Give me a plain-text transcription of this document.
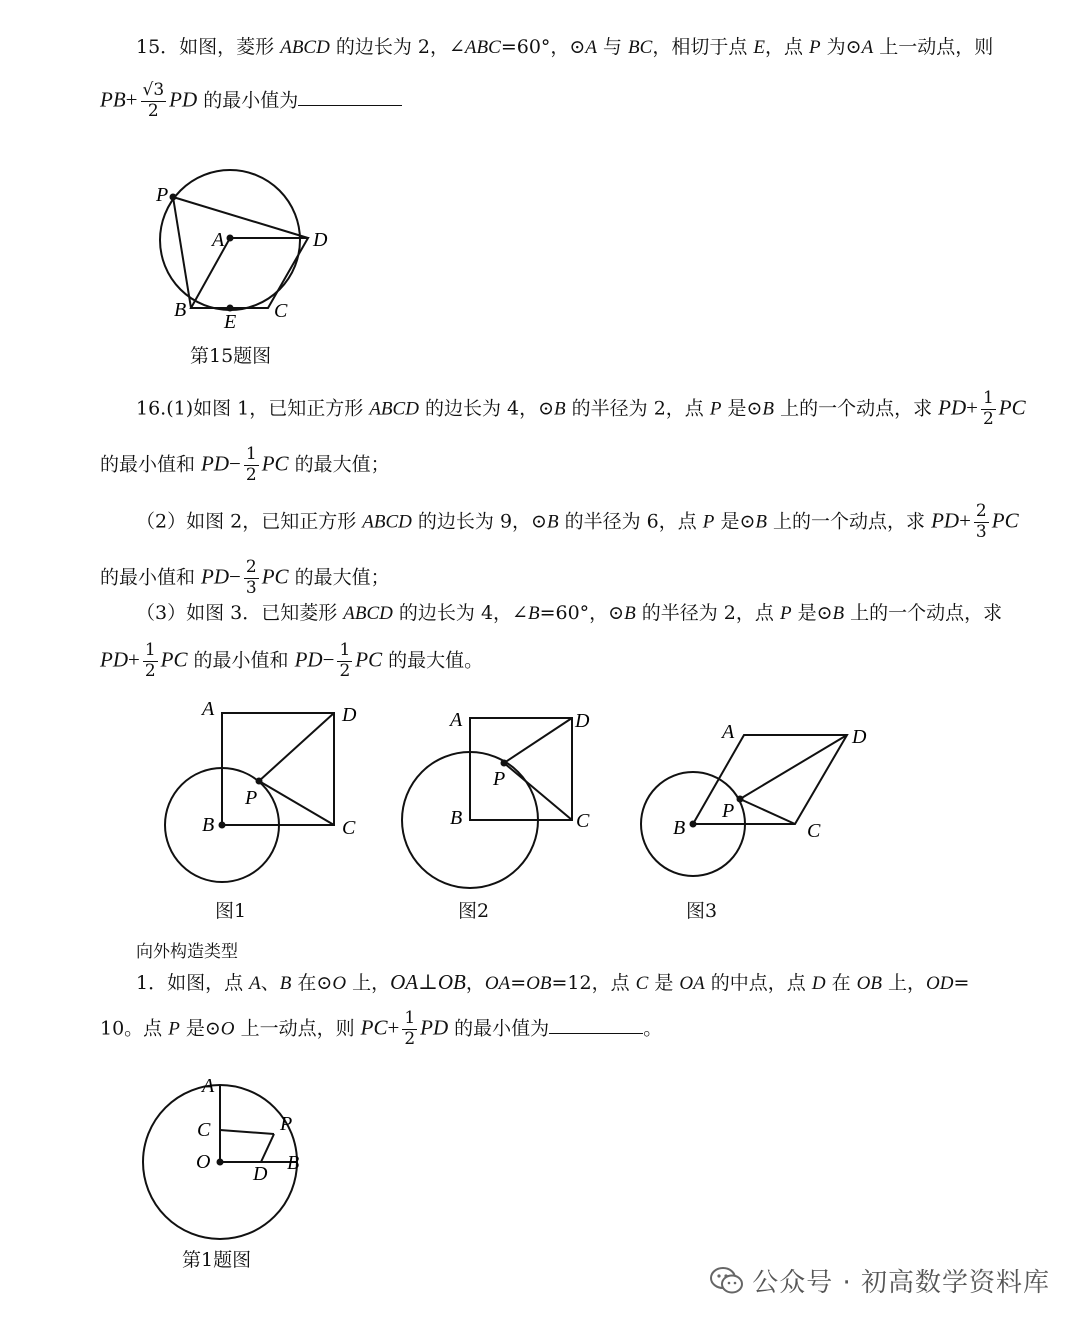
15．如图，菱形 ABCD 的边长为 2，∠ABC=60°，⊙A 与 BC，相切于点 E，点 P 为⊙A 上一动点，则
$PB+ \frac{√3}{2}$ PD 的最小值为
P
A	D
B
E C
第15题图
16.(1)如图 1，已知正方形 ABCD 的边长为 4，⊙B 的半径为 2，点 P 是⊙B 上的一个动点，求 $PD+ \frac{1}{2}$ PC
的最小值和 $PD- \frac{1}{2}$ PC 的最大值；
（2）如图 2，已知正方形 ABCD 的边长为 9，⊙B 的半径为 6，点 P 是⊙B 上的一个动点，求 $PD+ \frac{2}{3}$ PC
的最小值和 $PD- \frac{2}{3}$ PC 的最大值；
（3）如图 3．已知菱形 ABCD 的边长为 4，∠B=60°，⊙B 的半径为 2，点 P 是⊙B 上的一个动点，求
$PD+ \frac{1}{2}$ PC 的最小值和 $PD- \frac{1}{2}$ PC 的最大值。
A	D
P
B	C
图1
A	D
P
B	C
图2
A	D
P
B	C
图3
向外构造类型
1．如图，点 A、B 在⊙O 上，OA⊥OB，OA=OB=12，点 C 是 OA 的中点，点 D 在 OB 上，OD=
10。点 P 是⊙O 上一动点，则 $PC+ \frac{1}{2}$ PD 的最小值为	。
A
C	P
O
D B
第1题图
公众号 · 初高数学资料库
